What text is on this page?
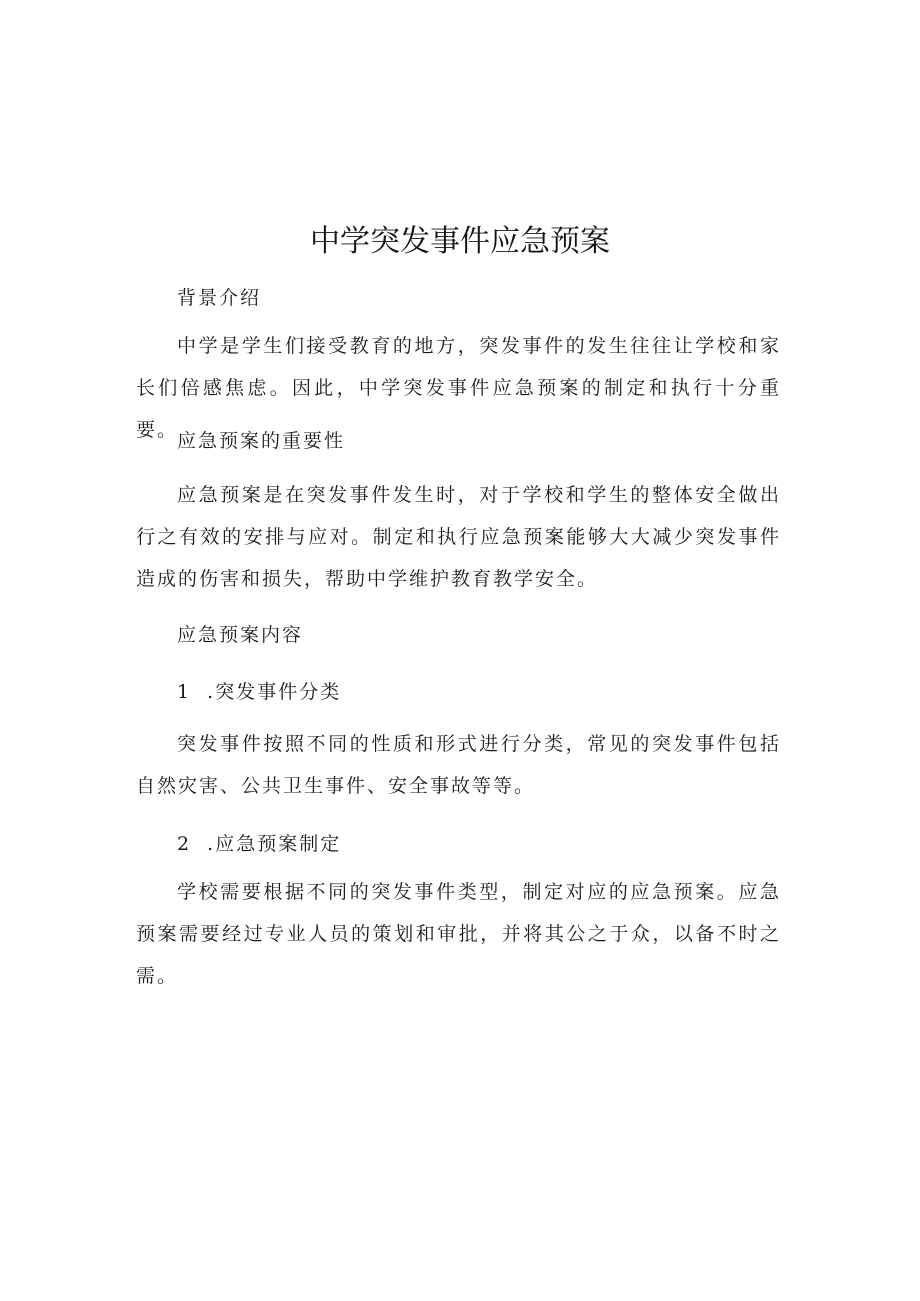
中学突发事件应急预案

背景介绍

中学是学生们接受教育的地方，突发事件的发生往往让学校和家长们倍感焦虑。因此，中学突发事件应急预案的制定和执行十分重要。

应急预案的重要性

应急预案是在突发事件发生时，对于学校和学生的整体安全做出行之有效的安排与应对。制定和执行应急预案能够大大减少突发事件造成的伤害和损失，帮助中学维护教育教学安全。

应急预案内容

1  .突发事件分类

突发事件按照不同的性质和形式进行分类，常见的突发事件包括自然灾害、公共卫生事件、安全事故等等。

2  .应急预案制定

学校需要根据不同的突发事件类型，制定对应的应急预案。应急预案需要经过专业人员的策划和审批，并将其公之于众，以备不时之需。
